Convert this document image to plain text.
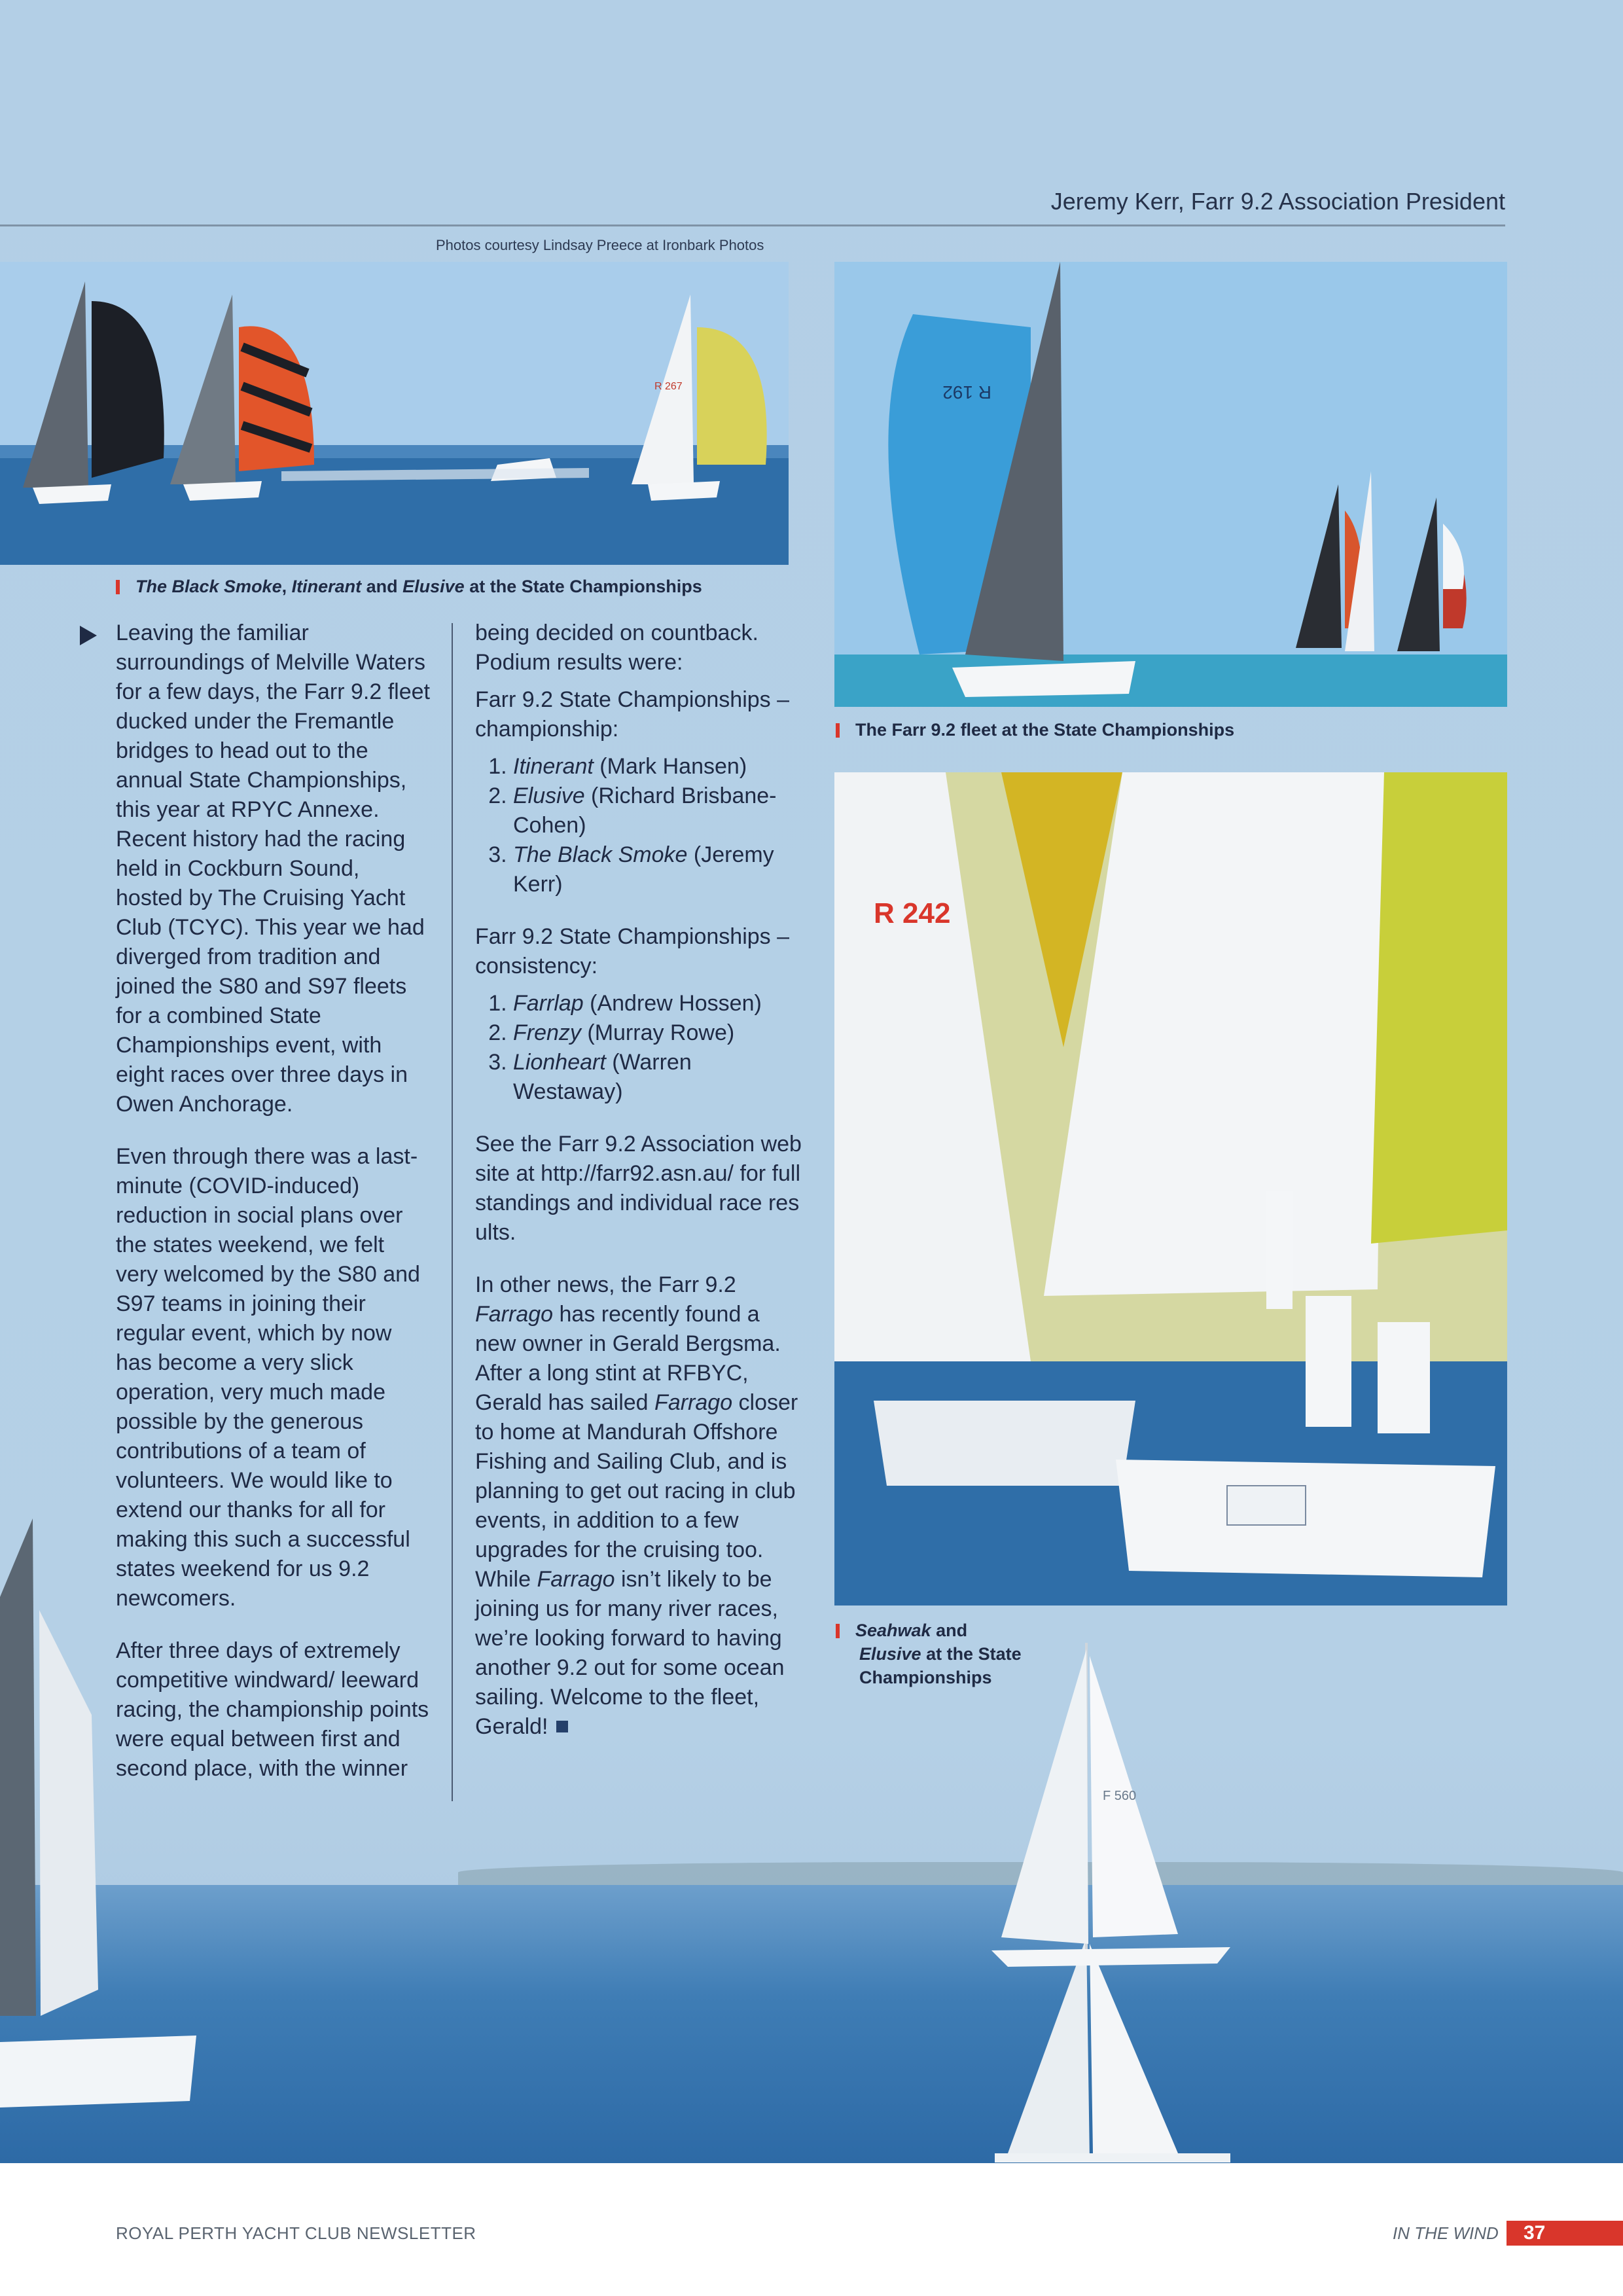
F 560
Jeremy Kerr, Farr 9.2 Association President
Photos courtesy Lindsay Preece at Ironbark Photos
R 267
The Black Smoke, Itinerant and Elusive at the State Championships
R 192
The Farr 9.2 fleet at the State Championships
R 242
Seahwak and
Elusive at the State
Championships

Leaving the familiar surroundings of Melville Waters for a few days, the Farr 9.2 fleet ducked under the Fremantle bridges to head out to the annual State Championships, this year at RPYC Annexe. Recent history had the racing held in Cockburn Sound, hosted by The Cruising Yacht Club (TCYC). This year we had diverged from tradition and joined the S80 and S97 fleets for a combined State Championships event, with eight races over three days in Owen Anchorage.

Even through there was a last-minute (COVID-induced) reduction in social plans over the states weekend, we felt very welcomed by the S80 and S97 teams in joining their regular event, which by now has become a very slick operation, very much made possible by the generous contributions of a team of volunteers. We would like to extend our thanks for all for making this such a successful states weekend for us 9.2 newcomers.

After three days of extremely competitive windward/ leeward racing, the championship points were equal between first and second place, with the winner

being decided on countback. Podium results were:

Farr 9.2 State Championships – championship:

1. Itinerant (Mark Hansen)
2. Elusive (Richard Brisbane-Cohen)
3. The Black Smoke (Jeremy Kerr)

Farr 9.2 State Championships – consistency:

1. Farrlap (Andrew Hossen)
2. Frenzy (Murray Rowe)
3. Lionheart (Warren Westaway)

See the Farr 9.2 Association website at http://farr92.asn.au/ for full standings and individual race results.

In other news, the Farr 9.2 Farrago has recently found a new owner in Gerald Bergsma. After a long stint at RFBYC, Gerald has sailed Farrago closer to home at Mandurah Offshore Fishing and Sailing Club, and is planning to get out racing in club events, in addition to a few upgrades for the cruising too. While Farrago isn’t likely to be joining us for many river races, we’re looking forward to having another 9.2 out for some ocean sailing. Welcome to the fleet, Gerald!

ROYAL PERTH YACHT CLUB NEWSLETTER	IN THE WIND	37
